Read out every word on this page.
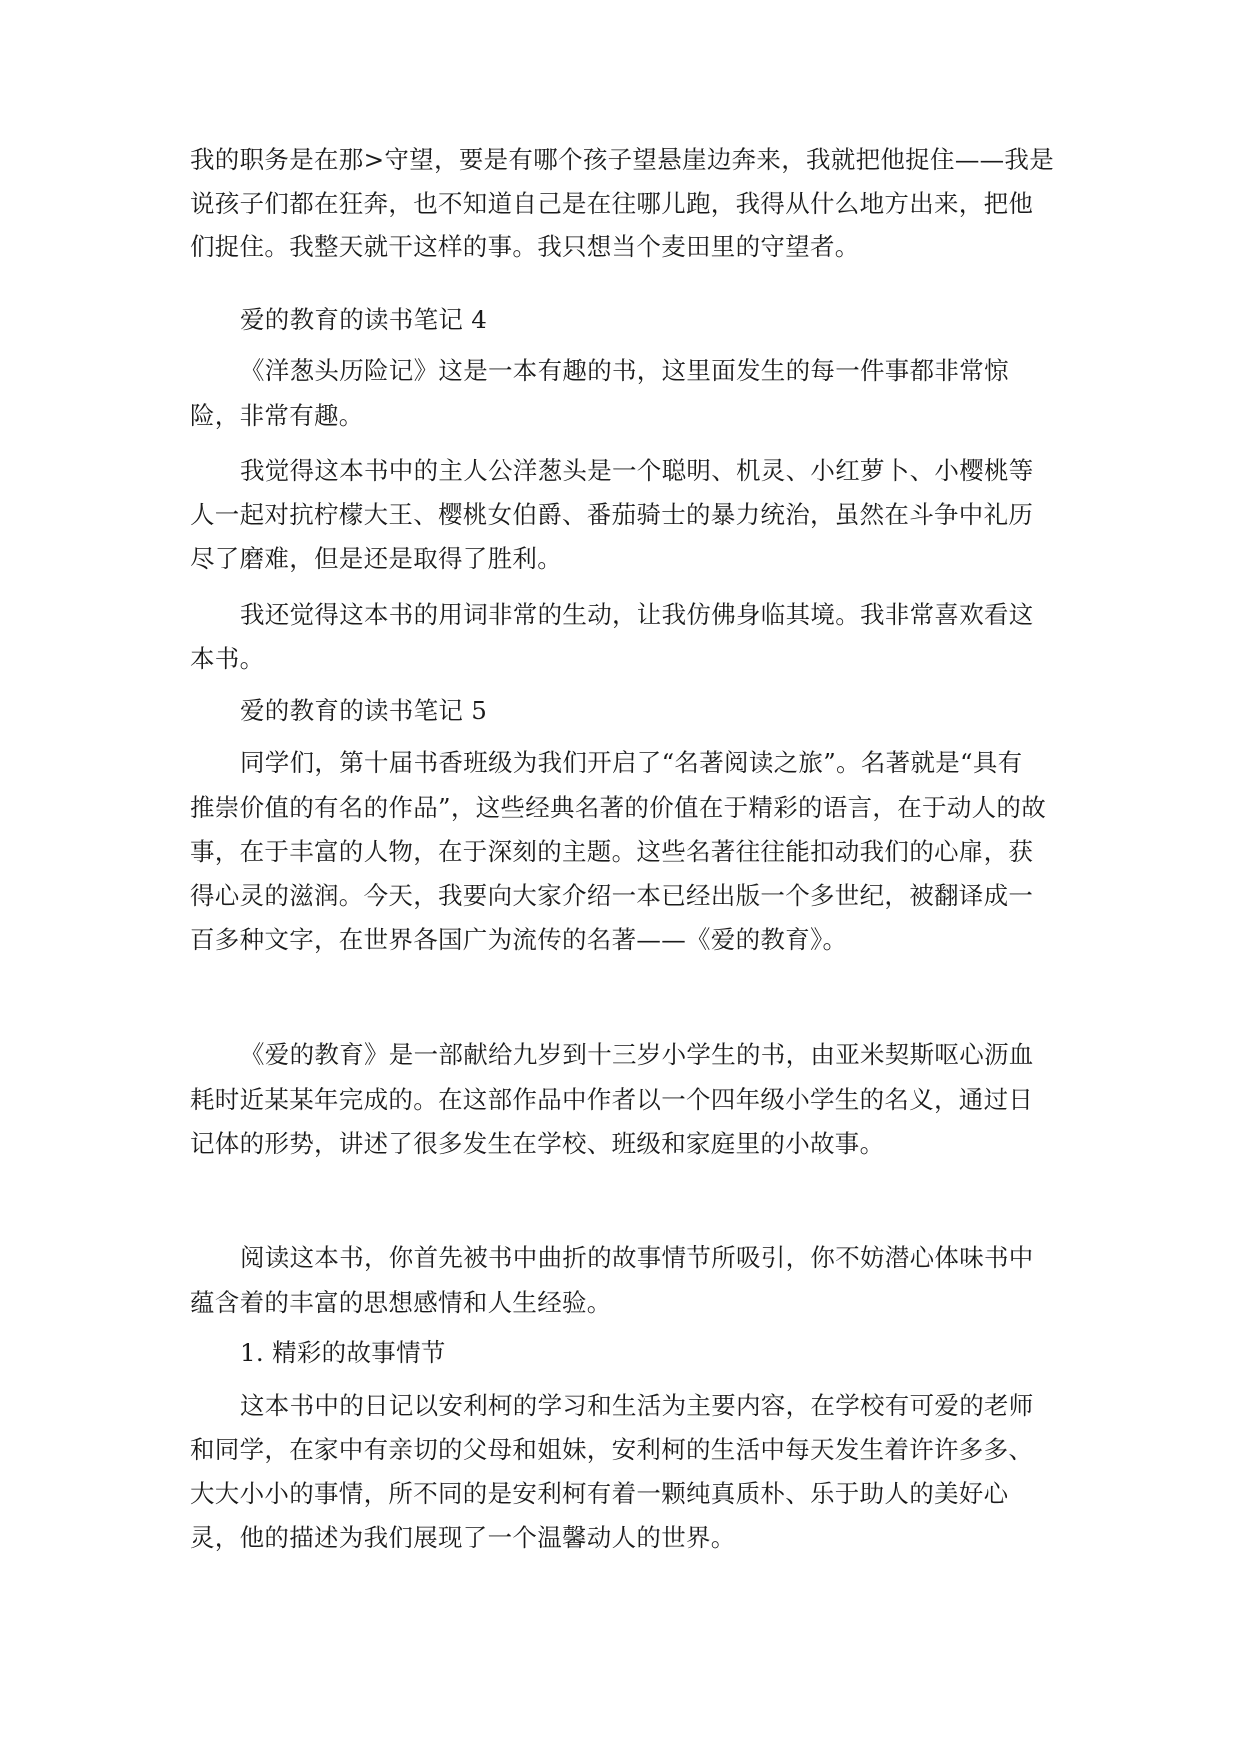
我的职务是在那>守望，要是有哪个孩子望悬崖边奔来，我就把他捉住——我是
说孩子们都在狂奔，也不知道自己是在往哪儿跑，我得从什么地方出来，把他
们捉住。我整天就干这样的事。我只想当个麦田里的守望者。
爱的教育的读书笔记 4
《洋葱头历险记》这是一本有趣的书，这里面发生的每一件事都非常惊
险，非常有趣。
我觉得这本书中的主人公洋葱头是一个聪明、机灵、小红萝卜、小樱桃等
人一起对抗柠檬大王、樱桃女伯爵、番茄骑士的暴力统治，虽然在斗争中礼历
尽了磨难，但是还是取得了胜利。
我还觉得这本书的用词非常的生动，让我仿佛身临其境。我非常喜欢看这
本书。
爱的教育的读书笔记 5
同学们，第十届书香班级为我们开启了“名著阅读之旅”。名著就是“具有
推崇价值的有名的作品”，这些经典名著的价值在于精彩的语言，在于动人的故
事，在于丰富的人物，在于深刻的主题。这些名著往往能扣动我们的心扉，获
得心灵的滋润。今天，我要向大家介绍一本已经出版一个多世纪，被翻译成一
百多种文字，在世界各国广为流传的名著——《爱的教育》。
《爱的教育》是一部献给九岁到十三岁小学生的书，由亚米契斯呕心沥血
耗时近某某年完成的。在这部作品中作者以一个四年级小学生的名义，通过日
记体的形势，讲述了很多发生在学校、班级和家庭里的小故事。
阅读这本书，你首先被书中曲折的故事情节所吸引，你不妨潜心体味书中
蕴含着的丰富的思想感情和人生经验。
1. 精彩的故事情节
这本书中的日记以安利柯的学习和生活为主要内容，在学校有可爱的老师
和同学，在家中有亲切的父母和姐妹，安利柯的生活中每天发生着许许多多、
大大小小的事情，所不同的是安利柯有着一颗纯真质朴、乐于助人的美好心
灵，他的描述为我们展现了一个温馨动人的世界。
